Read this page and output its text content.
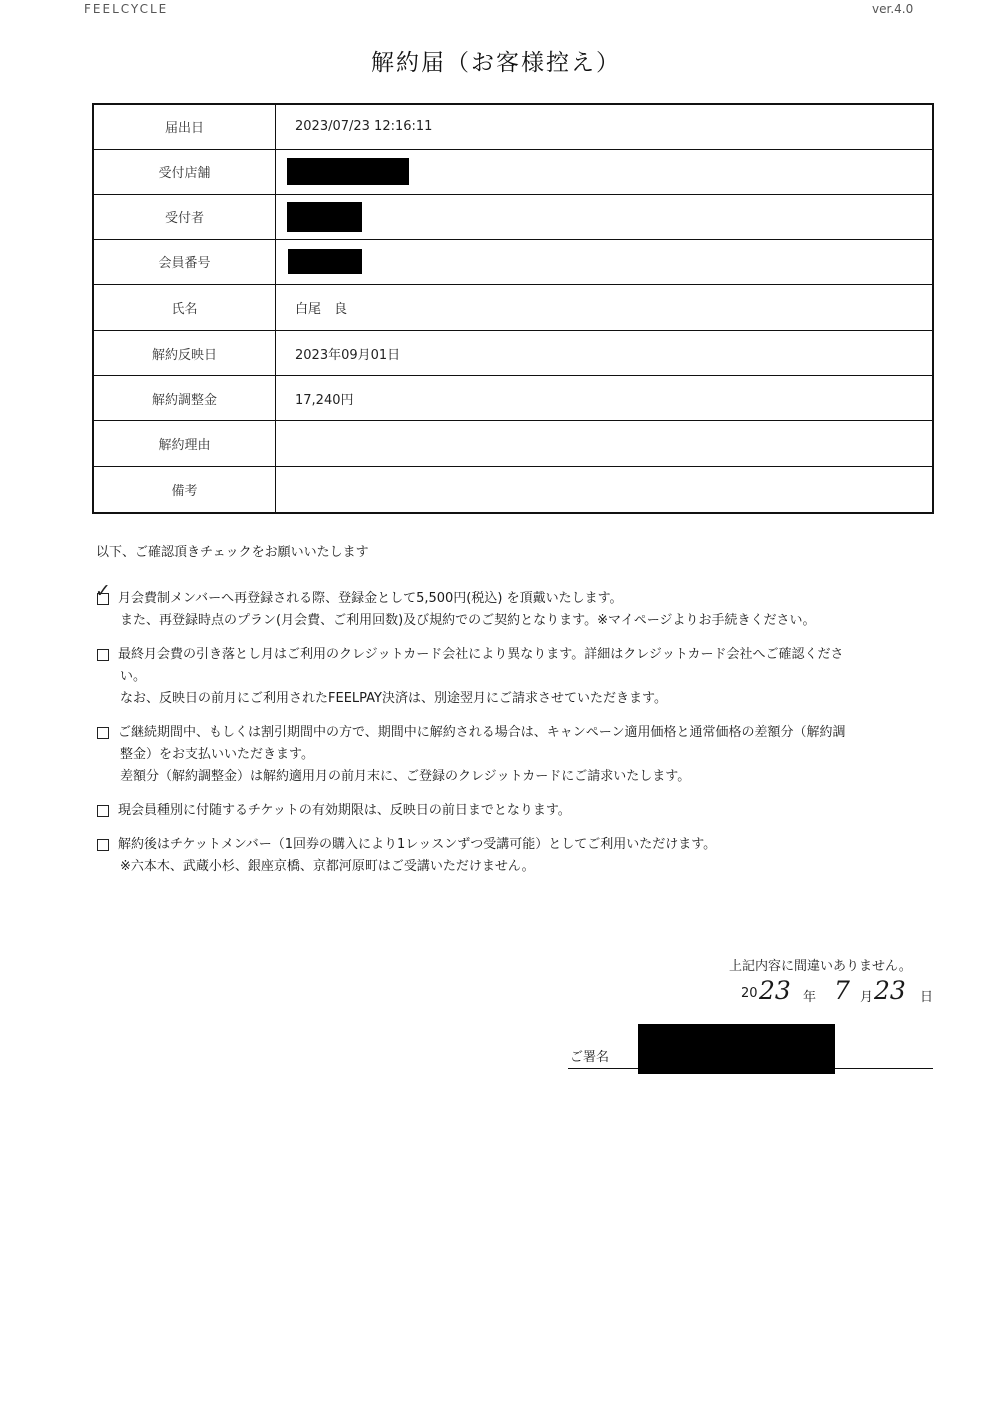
FEELCYCLE	ver.4.0
解約届（お客様控え）
届出日	2023/07/23 12:16:11
受付店舗	
受付者	
会員番号	
氏名	白尾　良
解約反映日	2023年09月01日
解約調整金	17,240円
解約理由	
備考	
以下、ご確認頂きチェックをお願いいたします
✓ 月会費制メンバーへ再登録される際、登録金として5,500円(税込) を頂戴いたします。
また、再登録時点のプラン(月会費、ご利用回数)及び規約でのご契約となります。※マイページよりお手続きください。
最終月会費の引き落とし月はご利用のクレジットカード会社により異なります。詳細はクレジットカード会社へご確認くださ
い。
なお、反映日の前月にご利用されたFEELPAY決済は、別途翌月にご請求させていただきます。
ご継続期間中、もしくは割引期間中の方で、期間中に解約される場合は、キャンペーン適用価格と通常価格の差額分（解約調
整金）をお支払いいただきます。
差額分（解約調整金）は解約適用月の前月末に、ご登録のクレジットカードにご請求いたします。
現会員種別に付随するチケットの有効期限は、反映日の前日までとなります。
解約後はチケットメンバー（1回券の購入により1レッスンずつ受講可能）としてご利用いただけます。
※六本木、武蔵小杉、銀座京橋、京都河原町はご受講いただけません。
上記内容に間違いありません。
20 23 年 7 月 23 日
ご署名
